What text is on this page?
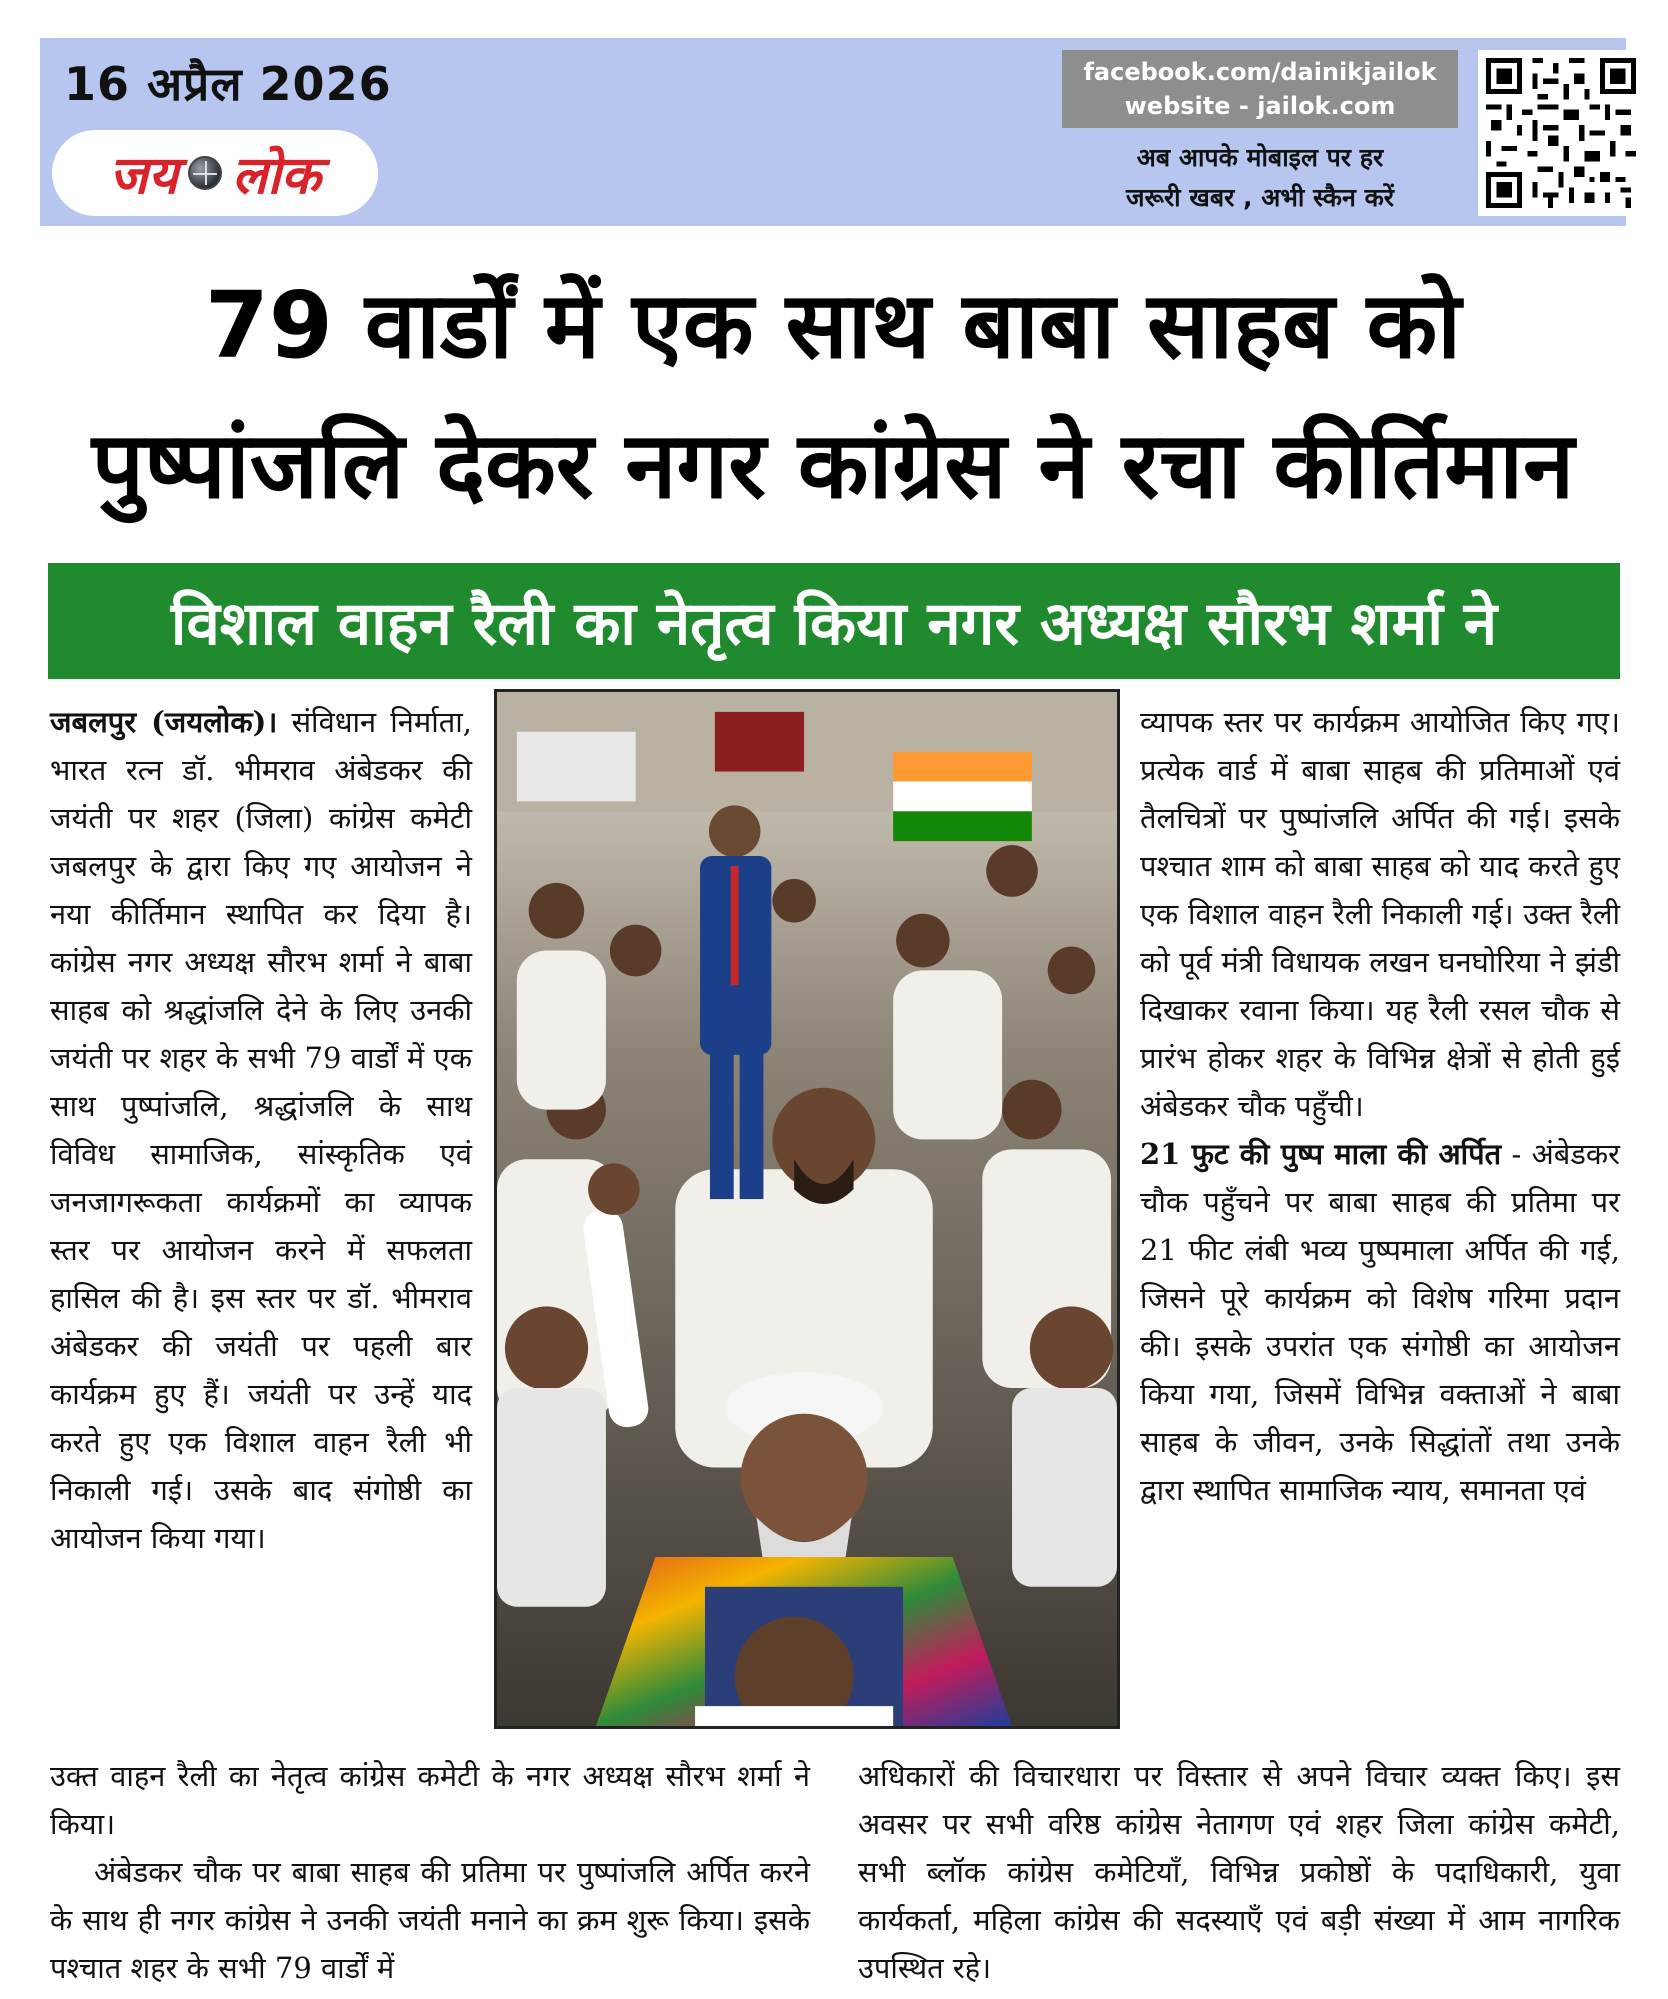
16 अप्रैल 2026
जय लोक
facebook.com/dainikjailok
website - jailok.com
अब आपके मोबाइल पर हर
जरूरी खबर , अभी स्कैन करें
79 वार्डों में एक साथ बाबा साहब को
पुष्पांजलि देकर नगर कांग्रेस ने रचा कीर्तिमान
विशाल वाहन रैली का नेतृत्व किया नगर अध्यक्ष सौरभ शर्मा ने

जबलपुर (जयलोक)। संविधान निर्माता, भारत रत्न डॉ. भीमराव अंबेडकर की जयंती पर शहर (जिला) कांग्रेस कमेटी जबलपुर के द्वारा किए गए आयोजन ने नया कीर्तिमान स्थापित कर दिया है। कांग्रेस नगर अध्यक्ष सौरभ शर्मा ने बाबा साहब को श्रद्धांजलि देने के लिए उनकी जयंती पर शहर के सभी 79 वार्डों में एक साथ पुष्पांजलि, श्रद्धांजलि के साथ विविध सामाजिक, सांस्कृतिक एवं जनजागरूकता कार्यक्रमों का व्यापक स्तर पर आयोजन करने में सफलता हासिल की है। इस स्तर पर डॉ. भीमराव अंबेडकर की जयंती पर पहली बार कार्यक्रम हुए हैं। जयंती पर उन्हें याद करते हुए एक विशाल वाहन रैली भी निकाली गई। उसके बाद संगोष्ठी का आयोजन किया गया।

व्यापक स्तर पर कार्यक्रम आयोजित किए गए। प्रत्येक वार्ड में बाबा साहब की प्रतिमाओं एवं तैलचित्रों पर पुष्पांजलि अर्पित की गई। इसके पश्चात शाम को बाबा साहब को याद करते हुए एक विशाल वाहन रैली निकाली गई। उक्त रैली को पूर्व मंत्री विधायक लखन घनघोरिया ने झंडी दिखाकर रवाना किया। यह रैली रसल चौक से प्रारंभ होकर शहर के विभिन्न क्षेत्रों से होती हुई अंबेडकर चौक पहुँची।

21 फुट की पुष्प माला की अर्पित - अंबेडकर चौक पहुँचने पर बाबा साहब की प्रतिमा पर 21 फीट लंबी भव्य पुष्पमाला अर्पित की गई, जिसने पूरे कार्यक्रम को विशेष गरिमा प्रदान की। इसके उपरांत एक संगोष्ठी का आयोजन किया गया, जिसमें विभिन्न वक्ताओं ने बाबा साहब के जीवन, उनके सिद्धांतों तथा उनके द्वारा स्थापित सामाजिक न्याय, समानता एवं

उक्त वाहन रैली का नेतृत्व कांग्रेस कमेटी के नगर अध्यक्ष सौरभ शर्मा ने किया।

अंबेडकर चौक पर बाबा साहब की प्रतिमा पर पुष्पांजलि अर्पित करने के साथ ही नगर कांग्रेस ने उनकी जयंती मनाने का क्रम शुरू किया। इसके पश्चात शहर के सभी 79 वार्डों में

अधिकारों की विचारधारा पर विस्तार से अपने विचार व्यक्त किए। इस अवसर पर सभी वरिष्ठ कांग्रेस नेतागण एवं शहर जिला कांग्रेस कमेटी, सभी ब्लॉक कांग्रेस कमेटियाँ, विभिन्न प्रकोष्ठों के पदाधिकारी, युवा कार्यकर्ता, महिला कांग्रेस की सदस्याएँ एवं बड़ी संख्या में आम नागरिक उपस्थित रहे।
